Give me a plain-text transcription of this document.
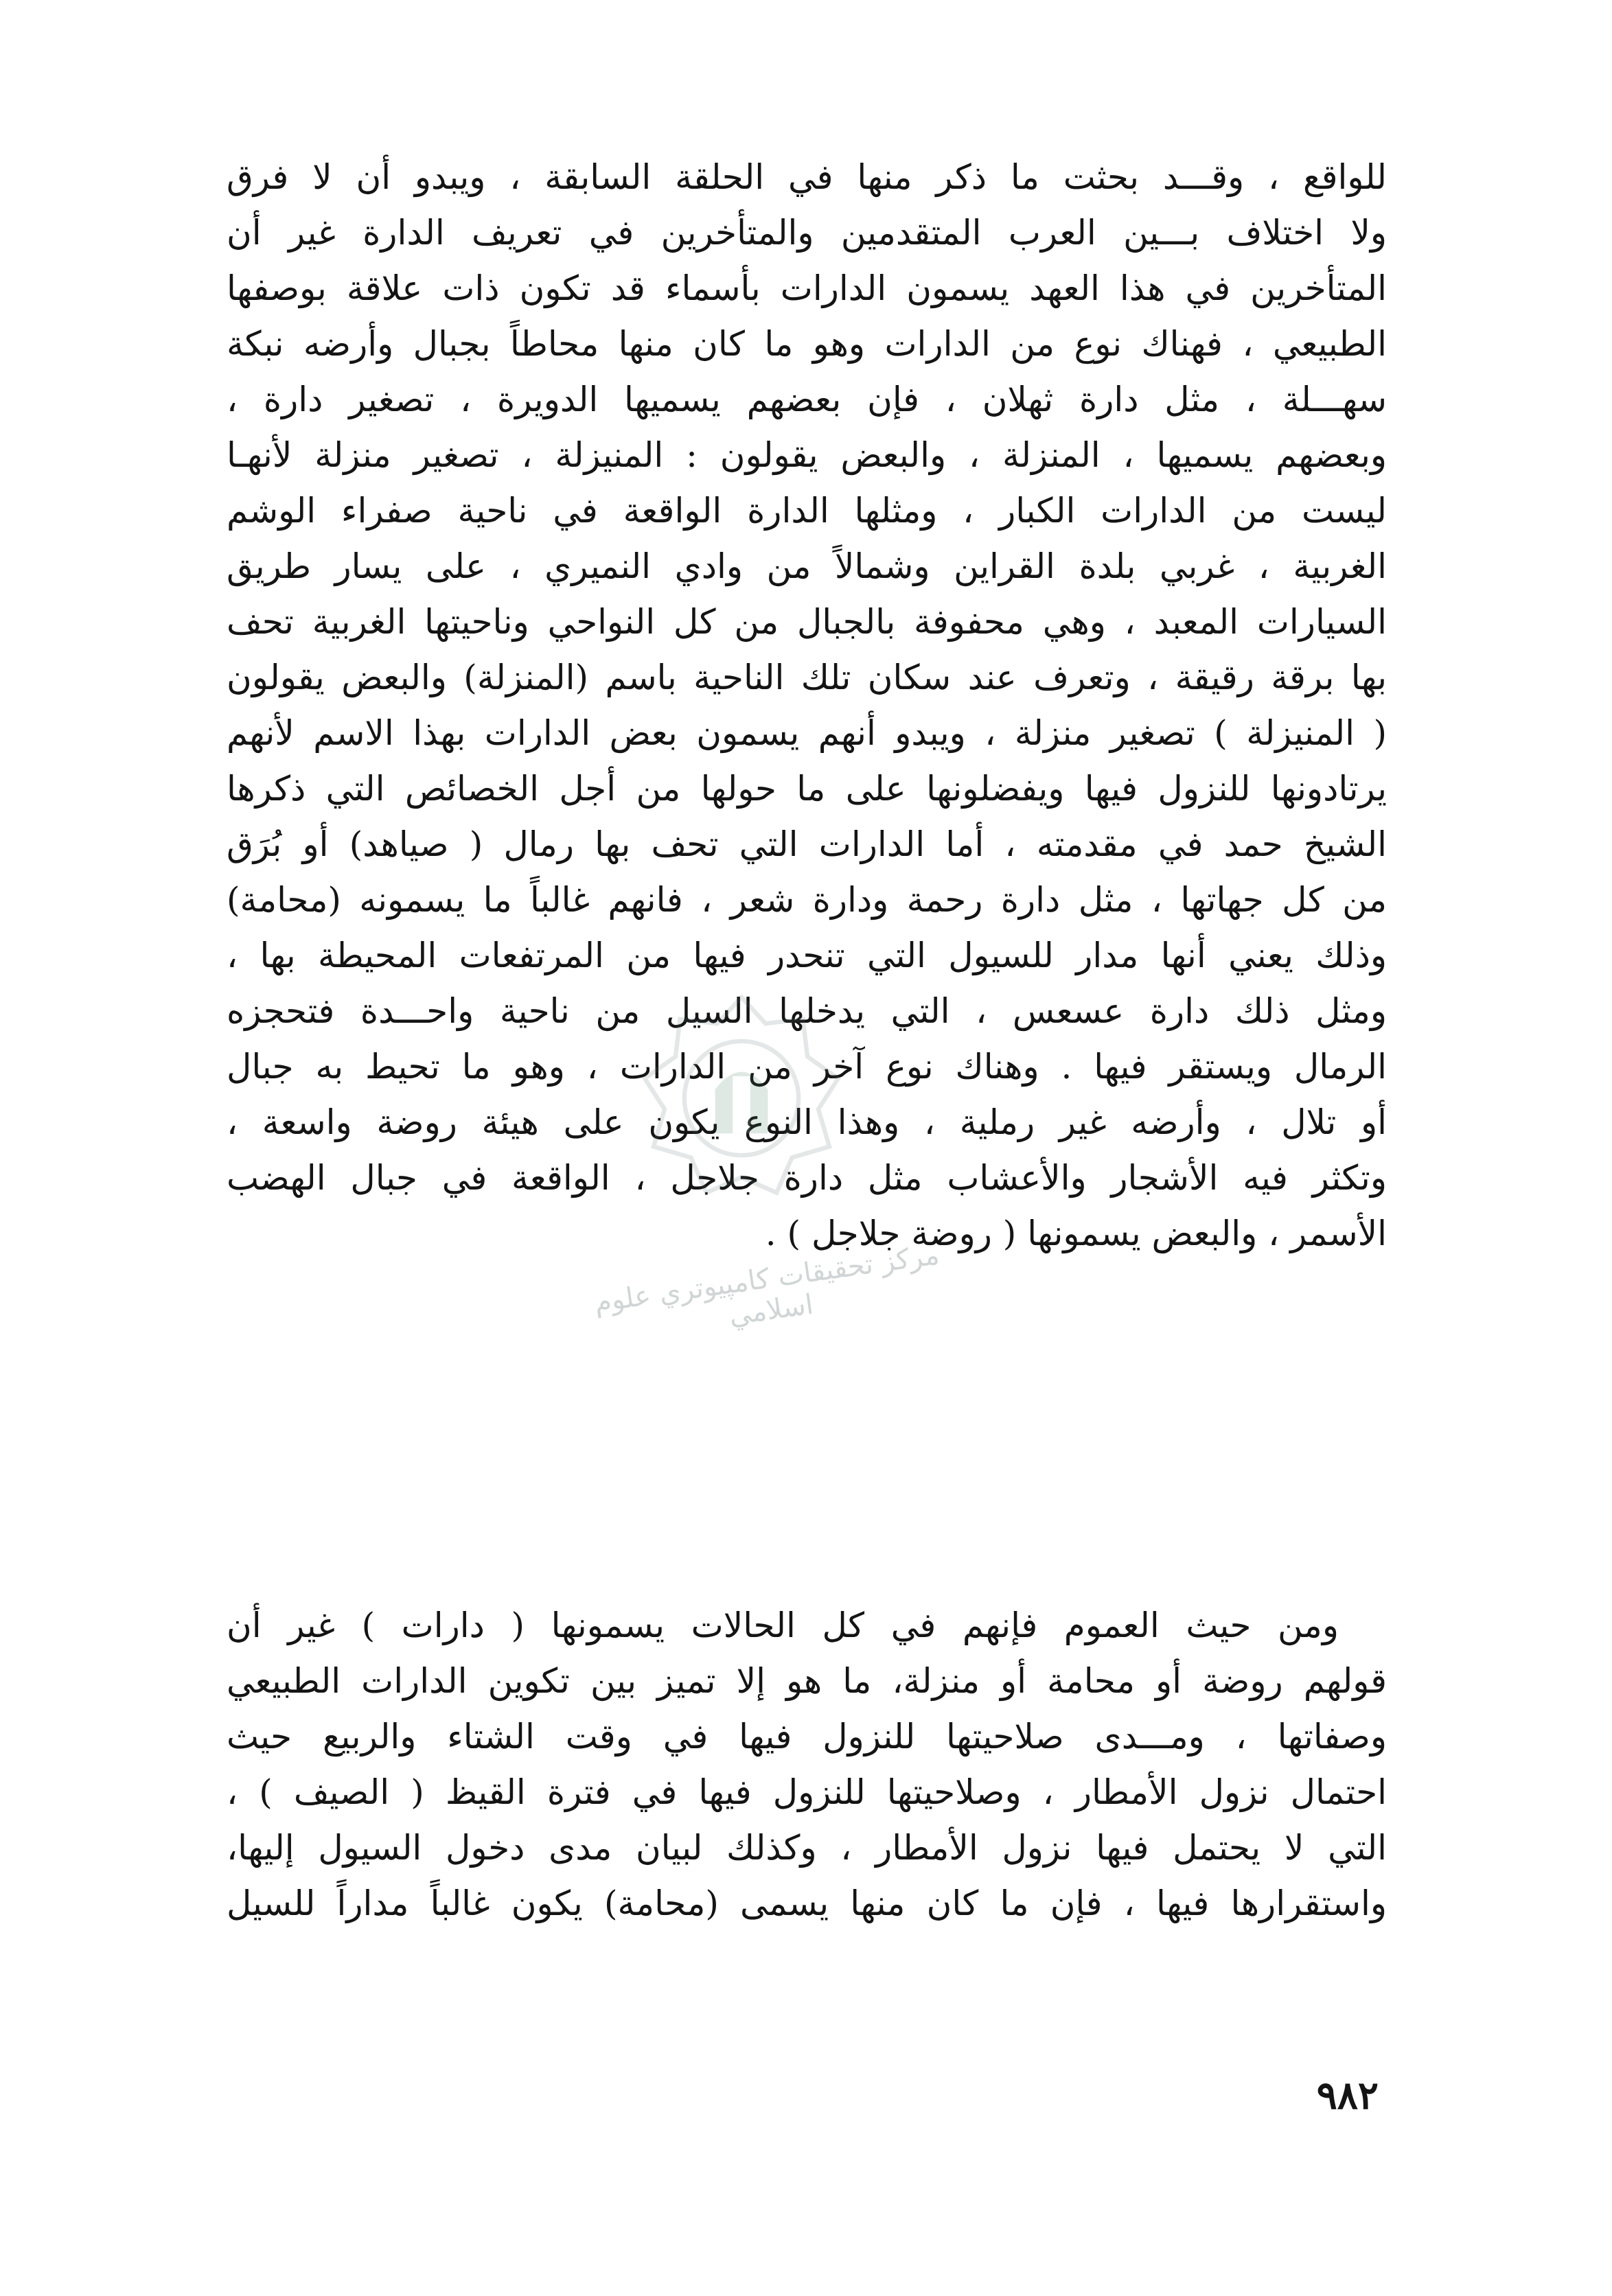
للواقع ، وقـــد بحثت ما ذكر منها في الحلقة السابقة ، ويبدو أن لا فرق
ولا اختلاف بـــين العرب المتقدمين والمتأخرين في تعريف الدارة غير أن
المتأخرين في هذا العهد يسمون الدارات بأسماء قد تكون ذات علاقة بوصفها
الطبيعي ، فهناك نوع من الدارات وهو ما كان منها محاطاً بجبال وأرضه نبكة
سهـــلة ، مثل دارة ثهلان ، فإن بعضهم يسميها الدويرة ، تصغير دارة ،
وبعضهم يسميها ، المنزلة ، والبعض يقولون : المنيزلة ، تصغير منزلة لأنهـا
ليست من الدارات الكبار ، ومثلها الدارة الواقعة في ناحية صفراء الوشم
الغربية ، غربي بلدة القراين وشمالاً من وادي النميري ، على يسار طريق
السيارات المعبد ، وهي محفوفة بالجبال من كل النواحي وناحيتها الغربية تحف
بها برقة رقيقة ، وتعرف عند سكان تلك الناحية باسم (المنزلة) والبعض يقولون
( المنيزلة ) تصغير منزلة ، ويبدو أنهم يسمون بعض الدارات بهذا الاسم لأنهم
يرتادونها للنزول فيها ويفضلونها على ما حولها من أجل الخصائص التي ذكرها
الشيخ حمد في مقدمته ، أما الدارات التي تحف بها رمال ( صياهد) أو بُرَق
من كل جهاتها ، مثل دارة رحمة ودارة شعر ، فانهم غالباً ما يسمونه (محامة)
وذلك يعني أنها مدار للسيول التي تنحدر فيها من المرتفعات المحيطة بها ،
ومثل ذلك دارة عسعس ، التي يدخلها السيل من ناحية واحـــدة فتحجزه
الرمال ويستقر فيها . وهناك نوع آخر من الدارات ، وهو ما تحيط به جبال
أو تلال ، وأرضه غير رملية ، وهذا النوع يكون على هيئة روضة واسعة ،
وتكثر فيه الأشجار والأعشاب مثل دارة جلاجل ، الواقعة في جبال الهضب
الأسمر ، والبعض يسمونها ( روضة جلاجل ) .
ومن حيث العموم فإنهم في كل الحالات يسمونها ( دارات ) غير أن
قولهم روضة أو محامة أو منزلة، ما هو إلا تميز بين تكوين الدارات الطبيعي
وصفاتها ، ومـــدى صلاحيتها للنزول فيها في وقت الشتاء والربيع حيث
احتمال نزول الأمطار ، وصلاحيتها للنزول فيها في فترة القيظ ( الصيف ) ،
التي لا يحتمل فيها نزول الأمطار ، وكذلك لبيان مدى دخول السيول إليها،
واستقرارها فيها ، فإن ما كان منها يسمى (محامة) يكون غالباً مداراً للسيل
مركز تحقيقات كامپيوتري علوم اسلامي
٩٨٢
